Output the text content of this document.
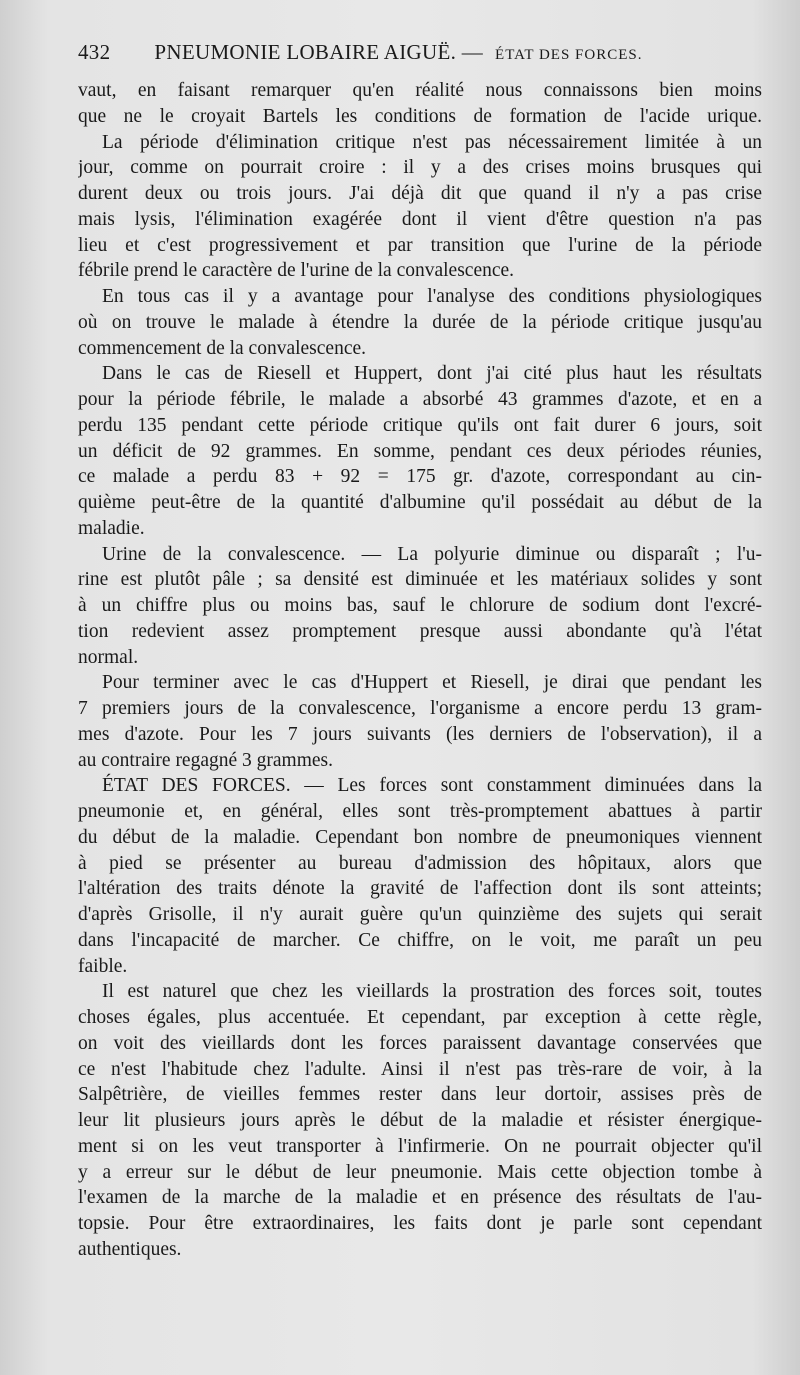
432 PNEUMONIE LOBAIRE AIGUË. — ÉTAT DES FORCES.
vaut, en faisant remarquer qu'en réalité nous connaissons bien moins
que ne le croyait Bartels les conditions de formation de l'acide urique.
La période d'élimination critique n'est pas nécessairement limitée à un
jour, comme on pourrait croire : il y a des crises moins brusques qui
durent deux ou trois jours. J'ai déjà dit que quand il n'y a pas crise
mais lysis, l'élimination exagérée dont il vient d'être question n'a pas
lieu et c'est progressivement et par transition que l'urine de la période
fébrile prend le caractère de l'urine de la convalescence.
En tous cas il y a avantage pour l'analyse des conditions physiologiques
où on trouve le malade à étendre la durée de la période critique jusqu'au
commencement de la convalescence.
Dans le cas de Riesell et Huppert, dont j'ai cité plus haut les résultats
pour la période fébrile, le malade a absorbé 43 grammes d'azote, et en a
perdu 135 pendant cette période critique qu'ils ont fait durer 6 jours, soit
un déficit de 92 grammes. En somme, pendant ces deux périodes réunies,
ce malade a perdu 83 + 92 = 175 gr. d'azote, correspondant au cin-
quième peut-être de la quantité d'albumine qu'il possédait au début de la
maladie.
Urine de la convalescence. — La polyurie diminue ou disparaît ; l'u-
rine est plutôt pâle ; sa densité est diminuée et les matériaux solides y sont
à un chiffre plus ou moins bas, sauf le chlorure de sodium dont l'excré-
tion redevient assez promptement presque aussi abondante qu'à l'état
normal.
Pour terminer avec le cas d'Huppert et Riesell, je dirai que pendant les
7 premiers jours de la convalescence, l'organisme a encore perdu 13 gram-
mes d'azote. Pour les 7 jours suivants (les derniers de l'observation), il a
au contraire regagné 3 grammes.
ÉTAT DES FORCES. — Les forces sont constamment diminuées dans la
pneumonie et, en général, elles sont très-promptement abattues à partir
du début de la maladie. Cependant bon nombre de pneumoniques viennent
à pied se présenter au bureau d'admission des hôpitaux, alors que
l'altération des traits dénote la gravité de l'affection dont ils sont atteints;
d'après Grisolle, il n'y aurait guère qu'un quinzième des sujets qui serait
dans l'incapacité de marcher. Ce chiffre, on le voit, me paraît un peu
faible.
Il est naturel que chez les vieillards la prostration des forces soit, toutes
choses égales, plus accentuée. Et cependant, par exception à cette règle,
on voit des vieillards dont les forces paraissent davantage conservées que
ce n'est l'habitude chez l'adulte. Ainsi il n'est pas très-rare de voir, à la
Salpêtrière, de vieilles femmes rester dans leur dortoir, assises près de
leur lit plusieurs jours après le début de la maladie et résister énergique-
ment si on les veut transporter à l'infirmerie. On ne pourrait objecter qu'il
y a erreur sur le début de leur pneumonie. Mais cette objection tombe à
l'examen de la marche de la maladie et en présence des résultats de l'au-
topsie. Pour être extraordinaires, les faits dont je parle sont cependant
authentiques.
